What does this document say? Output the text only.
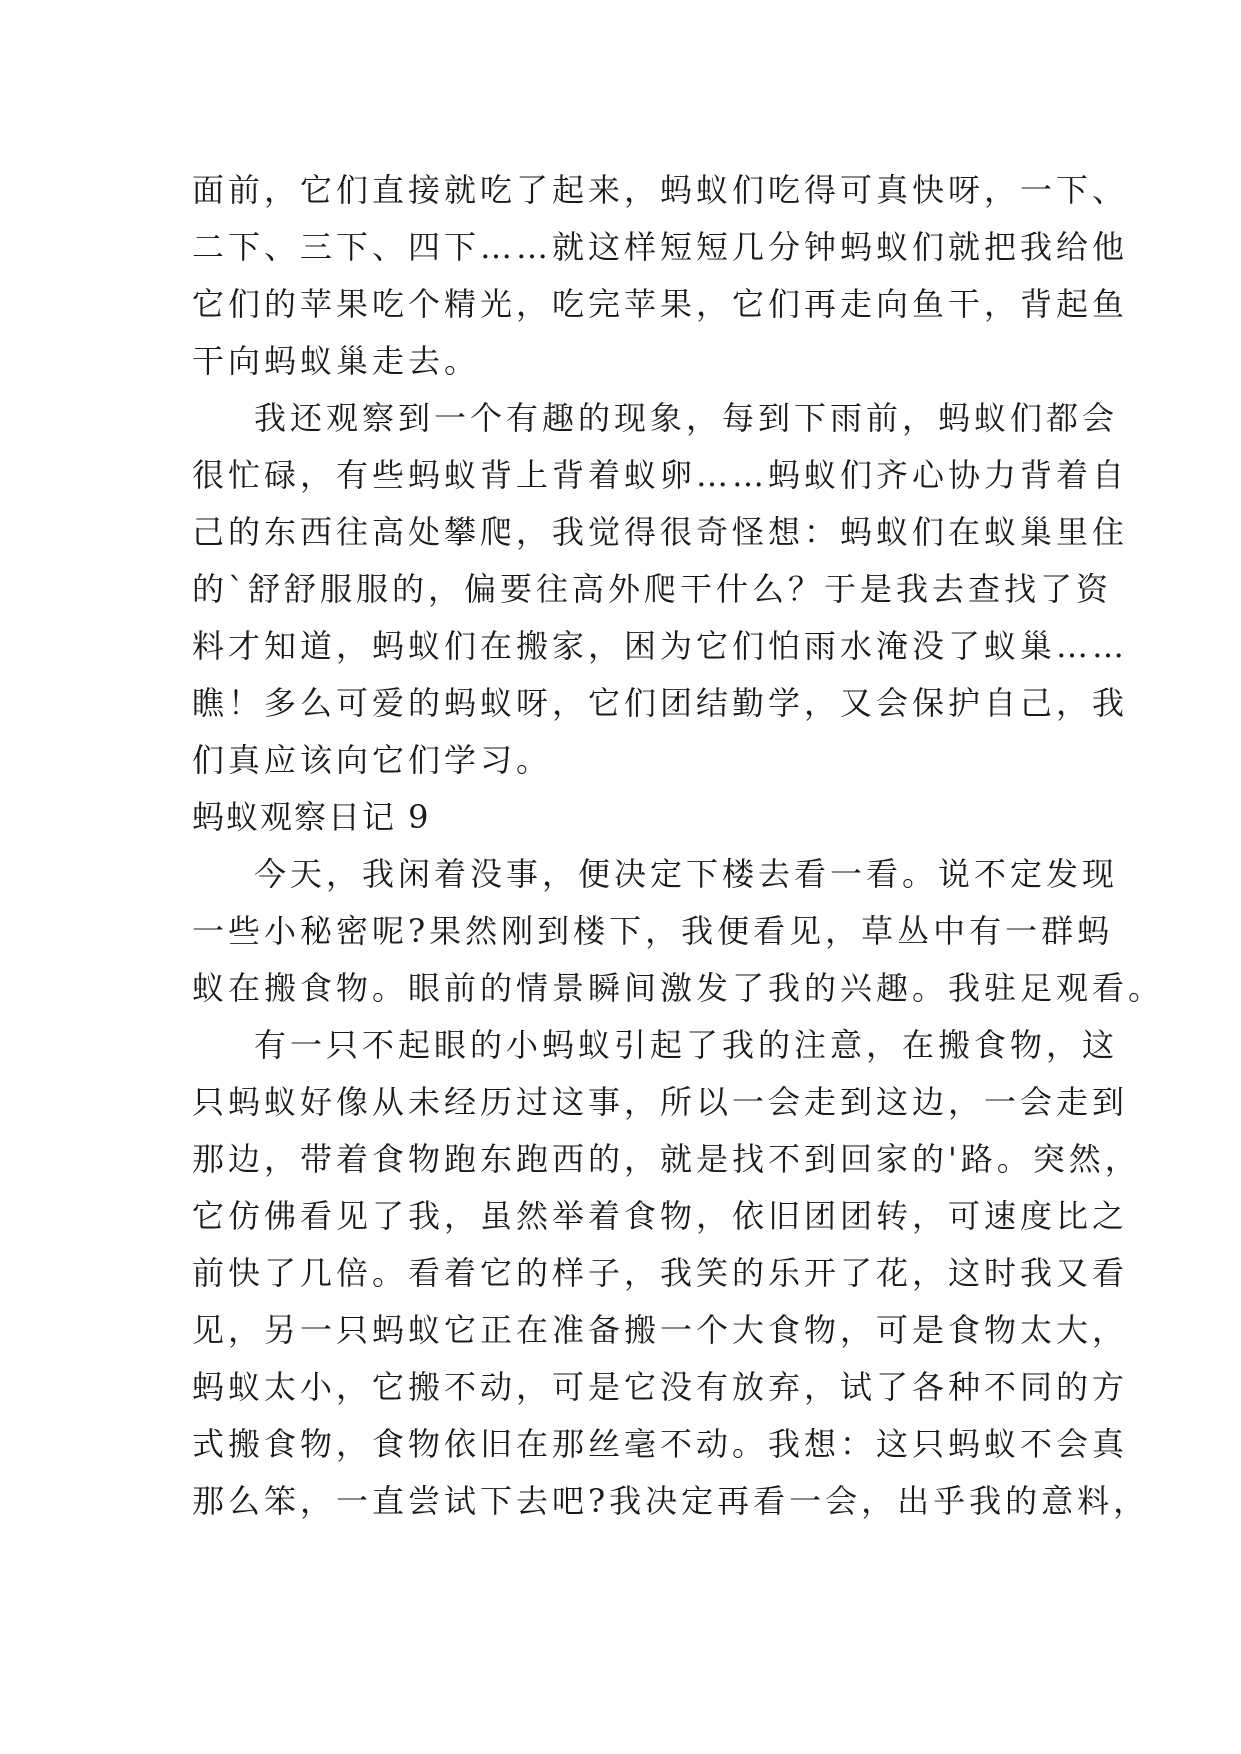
面前，它们直接就吃了起来，蚂蚁们吃得可真快呀，一下、
二下、三下、四下……就这样短短几分钟蚂蚁们就把我给他
它们的苹果吃个精光，吃完苹果，它们再走向鱼干，背起鱼
干向蚂蚁巢走去。
我还观察到一个有趣的现象，每到下雨前，蚂蚁们都会
很忙碌，有些蚂蚁背上背着蚁卵……蚂蚁们齐心协力背着自
己的东西往高处攀爬，我觉得很奇怪想：蚂蚁们在蚁巢里住
的`舒舒服服的，偏要往高外爬干什么？于是我去查找了资
料才知道，蚂蚁们在搬家，困为它们怕雨水淹没了蚁巢……
瞧！多么可爱的蚂蚁呀，它们团结勤学，又会保护自己，我
们真应该向它们学习。
蚂蚁观察日记 9
今天，我闲着没事，便决定下楼去看一看。说不定发现
一些小秘密呢?果然刚到楼下，我便看见，草丛中有一群蚂
蚁在搬食物。眼前的情景瞬间激发了我的兴趣。我驻足观看。
有一只不起眼的小蚂蚁引起了我的注意，在搬食物，这
只蚂蚁好像从未经历过这事，所以一会走到这边，一会走到
那边，带着食物跑东跑西的，就是找不到回家的'路。突然，
它仿佛看见了我，虽然举着食物，依旧团团转，可速度比之
前快了几倍。看着它的样子，我笑的乐开了花，这时我又看
见，另一只蚂蚁它正在准备搬一个大食物，可是食物太大，
蚂蚁太小，它搬不动，可是它没有放弃，试了各种不同的方
式搬食物，食物依旧在那丝毫不动。我想：这只蚂蚁不会真
那么笨，一直尝试下去吧?我决定再看一会，出乎我的意料，
